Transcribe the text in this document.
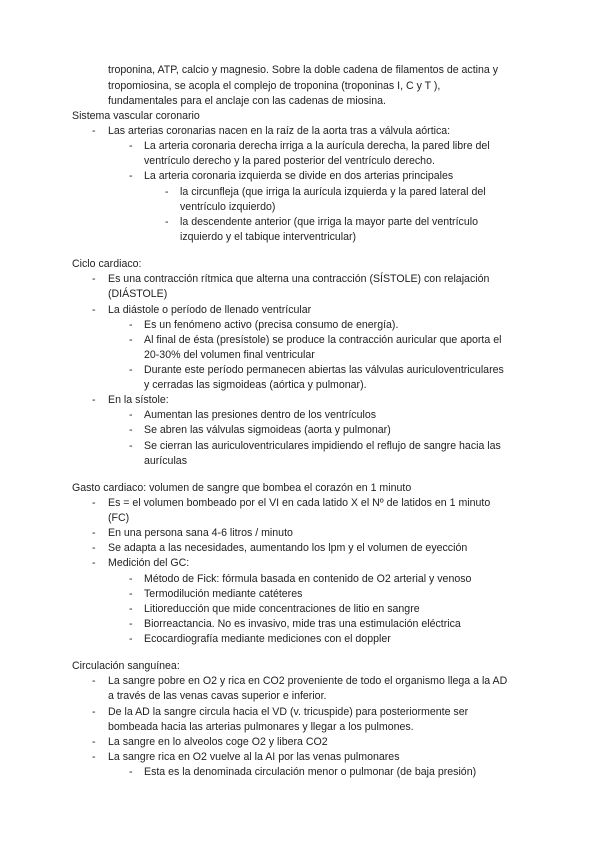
troponina, ATP, calcio y magnesio. Sobre la doble cadena de filamentos de actina y
tropomiosina, se acopla el complejo de troponina (troponinas I, C y T ),
fundamentales para el anclaje con las cadenas de miosina.
Sistema vascular coronario
- Las arterias coronarias nacen en la raíz de la aorta tras a válvula aórtica:
- La arteria coronaria derecha irriga a la aurícula derecha, la pared libre del
ventrículo derecho y la pared posterior del ventrículo derecho.
- La arteria coronaria izquierda se divide en dos arterias principales
- la circunfleja (que irriga la aurícula izquierda y la pared lateral del
ventrículo izquierdo)
- la descendente anterior (que irriga la mayor parte del ventrículo
izquierdo y el tabique interventricular)
Ciclo cardiaco:
- Es una contracción rítmica que alterna una contracción (SÍSTOLE) con relajación
(DIÁSTOLE)
- La diástole o período de llenado ventrícular
- Es un fenómeno activo (precisa consumo de energía).
- Al final de ésta (presístole) se produce la contracción auricular que aporta el
20-30% del volumen final ventricular
- Durante este período permanecen abiertas las válvulas auriculoventriculares
y cerradas las sigmoideas (aórtica y pulmonar).
- En la sístole:
- Aumentan las presiones dentro de los ventrículos
- Se abren las válvulas sigmoideas (aorta y pulmonar)
- Se cierran las auriculoventriculares impidiendo el reflujo de sangre hacia las
aurículas
Gasto cardiaco: volumen de sangre que bombea el corazón en 1 minuto
- Es = el volumen bombeado por el VI en cada latido X el Nº de latidos en 1 minuto
(FC)
- En una persona sana 4-6 litros / minuto
- Se adapta a las necesidades, aumentando los lpm y el volumen de eyección
- Medición del GC:
- Método de Fick: fórmula basada en contenido de O2 arterial y venoso
- Termodilución mediante catéteres
- Litioreducción que mide concentraciones de litio en sangre
- Biorreactancia. No es invasivo, mide tras una estimulación eléctrica
- Ecocardiografía mediante mediciones con el doppler
Circulación sanguínea:
- La sangre pobre en O2 y rica en CO2 proveniente de todo el organismo llega a la AD
a través de las venas cavas superior e inferior.
- De la AD la sangre circula hacia el VD (v. tricuspide) para posteriormente ser
bombeada hacia las arterias pulmonares y llegar a los pulmones.
- La sangre en lo alveolos coge O2 y libera CO2
- La sangre rica en O2 vuelve al la AI por las venas pulmonares
- Esta es la denominada circulación menor o pulmonar (de baja presión)
